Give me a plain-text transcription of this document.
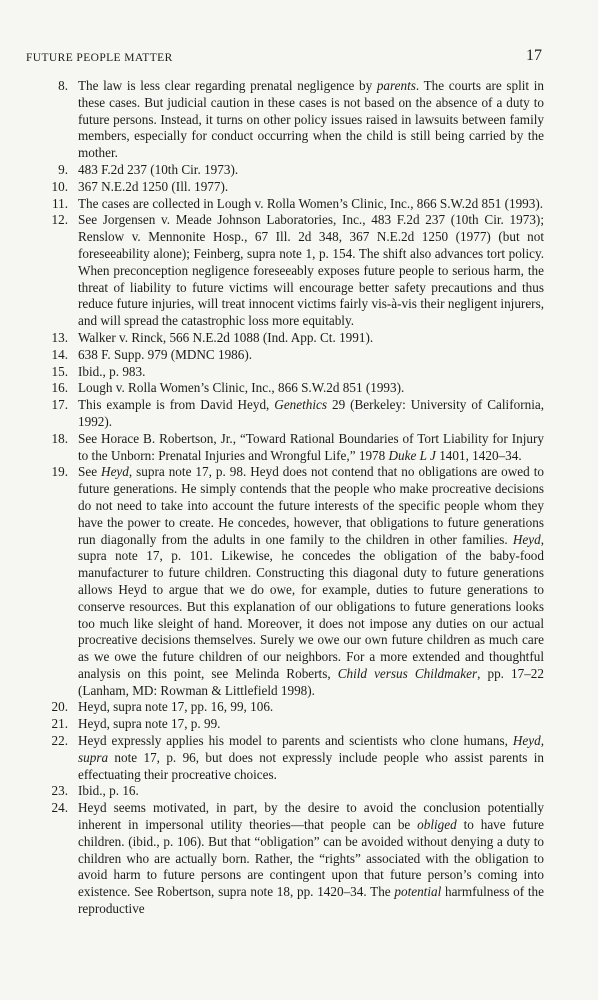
FUTURE PEOPLE MATTER	17
8. The law is less clear regarding prenatal negligence by parents. The courts are split in these cases. But judicial caution in these cases is not based on the absence of a duty to future persons. Instead, it turns on other policy issues raised in lawsuits between family members, especially for conduct occurring when the child is still being carried by the mother.
9. 483 F.2d 237 (10th Cir. 1973).
10. 367 N.E.2d 1250 (Ill. 1977).
11. The cases are collected in Lough v. Rolla Women’s Clinic, Inc., 866 S.W.2d 851 (1993).
12. See Jorgensen v. Meade Johnson Laboratories, Inc., 483 F.2d 237 (10th Cir. 1973); Renslow v. Mennonite Hosp., 67 Ill. 2d 348, 367 N.E.2d 1250 (1977) (but not foreseeability alone); Feinberg, supra note 1, p. 154. The shift also advances tort policy. When preconception negligence foreseeably exposes future people to serious harm, the threat of liability to future victims will encourage better safety precautions and thus reduce future injuries, will treat innocent victims fairly vis-à-vis their negligent injurers, and will spread the catastrophic loss more equitably.
13. Walker v. Rinck, 566 N.E.2d 1088 (Ind. App. Ct. 1991).
14. 638 F. Supp. 979 (MDNC 1986).
15. Ibid., p. 983.
16. Lough v. Rolla Women’s Clinic, Inc., 866 S.W.2d 851 (1993).
17. This example is from David Heyd, Genethics 29 (Berkeley: University of California, 1992).
18. See Horace B. Robertson, Jr., “Toward Rational Boundaries of Tort Liability for Injury to the Unborn: Prenatal Injuries and Wrongful Life,” 1978 Duke L J 1401, 1420–34.
19. See Heyd, supra note 17, p. 98. Heyd does not contend that no obligations are owed to future generations. He simply contends that the people who make procreative decisions do not need to take into account the future interests of the specific people whom they have the power to create. He concedes, however, that obligations to future generations run diagonally from the adults in one family to the children in other families. Heyd, supra note 17, p. 101. Likewise, he concedes the obligation of the baby-food manufacturer to future children. Constructing this diagonal duty to future generations allows Heyd to argue that we do owe, for example, duties to future generations to conserve resources. But this explanation of our obligations to future generations looks too much like sleight of hand. Moreover, it does not impose any duties on our actual procreative decisions themselves. Surely we owe our own future children as much care as we owe the future children of our neighbors. For a more extended and thoughtful analysis on this point, see Melinda Roberts, Child versus Childmaker, pp. 17–22 (Lanham, MD: Rowman & Littlefield 1998).
20. Heyd, supra note 17, pp. 16, 99, 106.
21. Heyd, supra note 17, p. 99.
22. Heyd expressly applies his model to parents and scientists who clone humans, Heyd, supra note 17, p. 96, but does not expressly include people who assist parents in effectuating their procreative choices.
23. Ibid., p. 16.
24. Heyd seems motivated, in part, by the desire to avoid the conclusion potentially inherent in impersonal utility theories—that people can be obliged to have future children. (ibid., p. 106). But that “obligation” can be avoided without denying a duty to children who are actually born. Rather, the “rights” associated with the obligation to avoid harm to future persons are contingent upon that future person’s coming into existence. See Robertson, supra note 18, pp. 1420–34. The potential harmfulness of the reproductive
